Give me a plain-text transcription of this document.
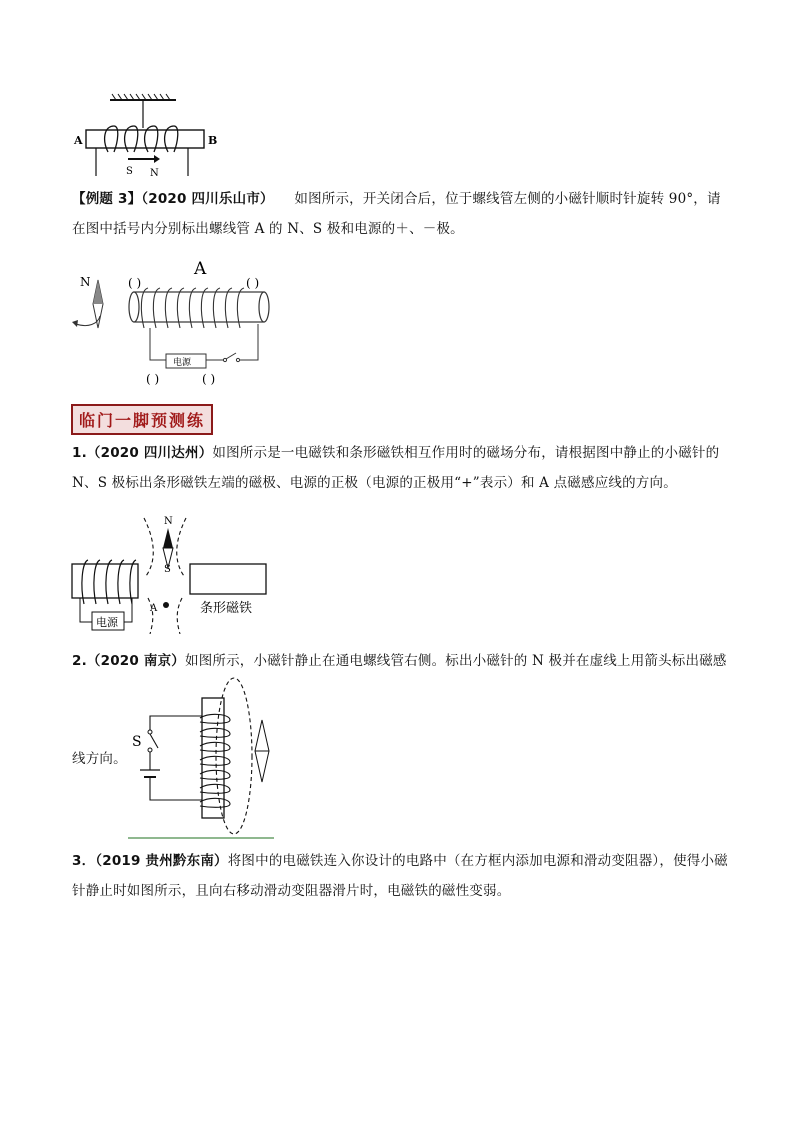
A	B
S N
【例题 3】（2020 四川乐山市）　　如图所示，开关闭合后，位于螺线管左侧的小磁针顺时针旋转 90°，请
在图中括号内分别标出螺线管 A 的 N、S 极和电源的＋、－极。
A
N	( )	( )
电源
( )	( )
临门一脚预测练
1.（2020 四川达州）如图所示是一电磁铁和条形磁铁相互作用时的磁场分布，请根据图中静止的小磁针的
N、S 极标出条形磁铁左端的磁极、电源的正极（电源的正极用“+”表示）和 A 点磁感应线的方向。
电源
N
S
A	条形磁铁
2.（2020 南京）如图所示，小磁针静止在通电螺线管右侧。标出小磁针的 N 极并在虚线上用箭头标出磁感
线方向。
S
3．（2019 贵州黔东南）将图中的电磁铁连入你设计的电路中（在方框内添加电源和滑动变阻器），使得小磁
针静止时如图所示，且向右移动滑动变阻器滑片时，电磁铁的磁性变弱。
